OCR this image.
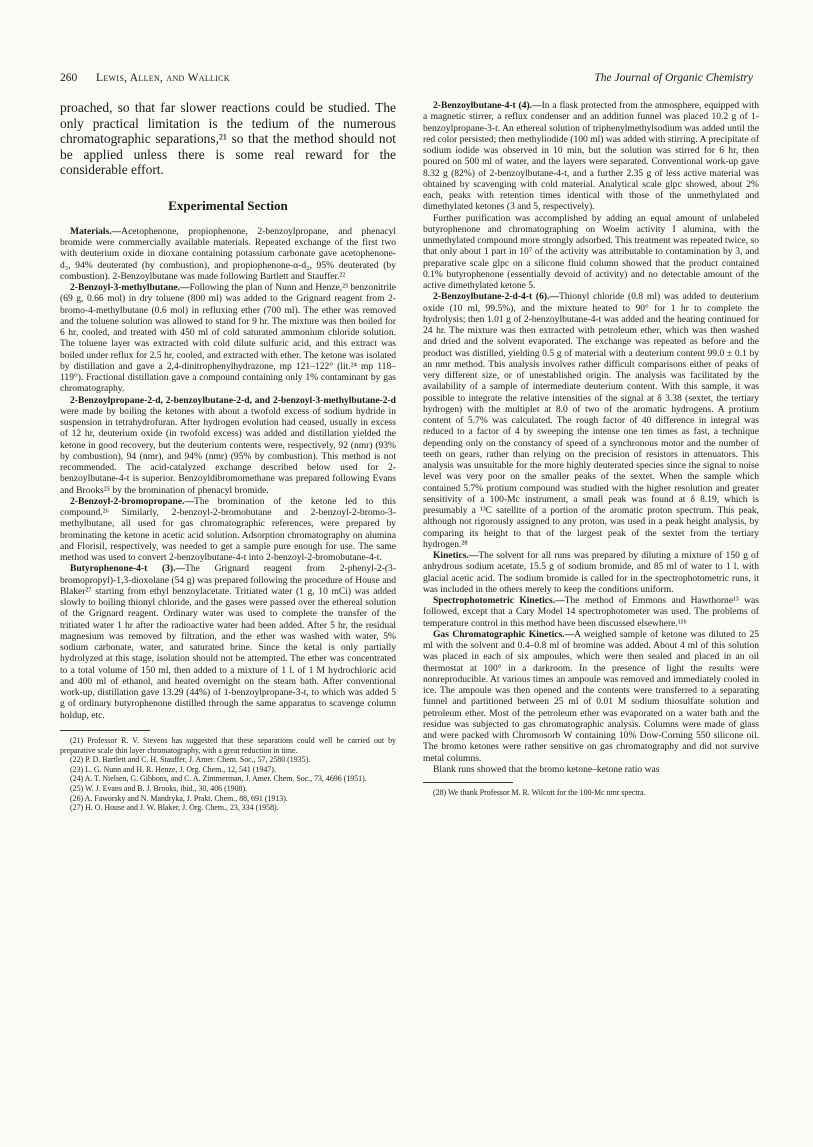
260 Lewis, Allen, and Wallick	The Journal of Organic Chemistry

proached, so that far slower reactions could be studied. The only practical limitation is the tedium of the numerous chromatographic separations,²¹ so that the method should not be applied unless there is some real reward for the considerable effort.

Experimental Section

Materials.—Acetophenone, propiophenone, 2-benzoylpropane, and phenacyl bromide were commercially available materials. Repeated exchange of the first two with deuterium oxide in dioxane containing potassium carbonate gave acetophenone-d₃, 94% deuterated (by combustion), and propiophenone-α-d₂, 95% deuterated (by combustion). 2-Benzoylbutane was made following Bartlett and Stauffer.²²

2-Benzoyl-3-methylbutane.—Following the plan of Nunn and Henze,²³ benzonitrile (69 g, 0.66 mol) in dry toluene (800 ml) was added to the Grignard reagent from 2-bromo-4-methylbutane (0.6 mol) in refluxing ether (700 ml). The ether was removed and the toluene solution was allowed to stand for 9 hr. The mixture was then boiled for 6 hr, cooled, and treated with 450 ml of cold saturated ammonium chloride solution. The toluene layer was extracted with cold dilute sulfuric acid, and this extract was boiled under reflux for 2.5 hr, cooled, and extracted with ether. The ketone was isolated by distillation and gave a 2,4-dinitrophenylhydrazone, mp 121–122° (lit.²⁴ mp 118–119°). Fractional distillation gave a compound containing only 1% contaminant by gas chromatography.

2-Benzoylpropane-2-d, 2-benzoylbutane-2-d, and 2-benzoyl-3-methylbutane-2-d were made by boiling the ketones with about a twofold excess of sodium hydride in suspension in tetrahydrofuran. After hydrogen evolution had ceased, usually in excess of 12 hr, deuterium oxide (in twofold excess) was added and distillation yielded the ketone in good recovery, but the deuterium contents were, respectively, 92 (nmr) (93% by combustion), 94 (nmr), and 94% (nmr) (95% by combustion). This method is not recommended. The acid-catalyzed exchange described below used for 2-benzoylbutane-4-t is superior. Benzoyldibromomethane was prepared following Evans and Brooks²⁵ by the bromination of phenacyl bromide.

2-Benzoyl-2-bromopropane.—The bromination of the ketone led to this compound.²⁶ Similarly, 2-benzoyl-2-bromobutane and 2-benzoyl-2-bromo-3-methylbutane, all used for gas chromatographic references, were prepared by brominating the ketone in acetic acid solution. Adsorption chromatography on alumina and Florisil, respectively, was needed to get a sample pure enough for use. The same method was used to convert 2-benzoylbutane-4-t into 2-benzoyl-2-bromobutane-4-t.

Butyrophenone-4-t (3).—The Grignard reagent from 2-phenyl-2-(3-bromopropyl)-1,3-dioxolane (54 g) was prepared following the procedure of House and Blaker²⁷ starting from ethyl benzoylacetate. Tritiated water (1 g, 10 mCi) was added slowly to boiling thionyl chloride, and the gases were passed over the ethereal solution of the Grignard reagent. Ordinary water was used to complete the transfer of the tritiated water 1 hr after the radioactive water had been added. After 5 hr, the residual magnesium was removed by filtration, and the ether was washed with water, 5% sodium carbonate, water, and saturated brine. Since the ketal is only partially hydrolyzed at this stage, isolation should not be attempted. The ether was concentrated to a total volume of 150 ml, then added to a mixture of 1 l. of 1 M hydrochloric acid and 400 ml of ethanol, and heated overnight on the steam bath. After conventional work-up, distillation gave 13.29 (44%) of 1-benzoylpropane-3-t, to which was added 5 g of ordinary butyrophenone distilled through the same apparatus to scavenge column holdup, etc.

(21) Professor R. V. Stevens has suggested that these separations could well be carried out by preparative scale thin layer chromatography, with a great reduction in time.

(22) P. D. Bartlett and C. H. Stauffer, J. Amer. Chem. Soc., 57, 2580 (1935).

(23) L. G. Nunn and H. R. Henze, J. Org. Chem., 12, 541 (1947).

(24) A. T. Nielsen, G. Gibbons, and C. A. Zimmerman, J. Amer. Chem. Soc., 73, 4696 (1951).

(25) W. J. Evans and B. J. Brooks, ibid., 30, 406 (1908).

(26) A. Faworsky and N. Mandryka, J. Prakt. Chem., 88, 691 (1913).

(27) H. O. House and J. W. Blaker, J. Org. Chem., 23, 334 (1958).

2-Benzoylbutane-4-t (4).—In a flask protected from the atmosphere, equipped with a magnetic stirrer, a reflux condenser and an addition funnel was placed 10.2 g of 1-benzoylpropane-3-t. An ethereal solution of triphenylmethylsodium was added until the red color persisted; then methyliodide (100 ml) was added with stirring. A precipitate of sodium iodide was observed in 10 min, but the solution was stirred for 6 hr, then poured on 500 ml of water, and the layers were separated. Conventional work-up gave 8.32 g (82%) of 2-benzoylbutane-4-t, and a further 2.35 g of less active material was obtained by scavenging with cold material. Analytical scale glpc showed, about 2% each, peaks with retention times identical with those of the unmethylated and dimethylated ketones (3 and 5, respectively).

Further purification was accomplished by adding an equal amount of unlabeled butyrophenone and chromatographing on Woelm activity I alumina, with the unmethylated compound more strongly adsorbed. This treatment was repeated twice, so that only about 1 part in 10⁷ of the activity was attributable to contamination by 3, and preparative scale glpc on a silicone fluid column showed that the product contained 0.1% butyrophenone (essentially devoid of activity) and no detectable amount of the active dimethylated ketone 5.

2-Benzoylbutane-2-d-4-t (6).—Thionyl chloride (0.8 ml) was added to deuterium oxide (10 ml, 99.5%), and the mixture heated to 90° for 1 hr to complete the hydrolysis; then 1.01 g of 2-benzoylbutane-4-t was added and the heating continued for 24 hr. The mixture was then extracted with petroleum ether, which was then washed and dried and the solvent evaporated. The exchange was repeated as before and the product was distilled, yielding 0.5 g of material with a deuterium content 99.0 ± 0.1 by an nmr method. This analysis involves rather difficult comparisons either of peaks of very different size, or of unestablished origin. The analysis was facilitated by the availability of a sample of intermediate deuterium content. With this sample, it was possible to integrate the relative intensities of the signal at δ 3.38 (sextet, the tertiary hydrogen) with the multiplet at 8.0 of two of the aromatic hydrogens. A protium content of 5.7% was calculated. The rough factor of 40 difference in integral was reduced to a factor of 4 by sweeping the intense one ten times as fast, a technique depending only on the constancy of speed of a synchronous motor and the number of teeth on gears, rather than relying on the precision of resistors in attenuators. This analysis was unsuitable for the more highly deuterated species since the signal to noise level was very poor on the smaller peaks of the sextet. When the sample which contained 5.7% protium compound was studied with the higher resolution and greater sensitivity of a 100-Mc instrument, a small peak was found at δ 8.19, which is presumably a ¹³C satellite of a portion of the aromatic proton spectrum. This peak, although not rigorously assigned to any proton, was used in a peak height analysis, by comparing its height to that of the largest peak of the sextet from the tertiary hydrogen.²⁸

Kinetics.—The solvent for all runs was prepared by diluting a mixture of 150 g of anhydrous sodium acetate, 15.5 g of sodium bromide, and 85 ml of water to 1 l. with glacial acetic acid. The sodium bromide is called for in the spectrophotometric runs, it was included in the others merely to keep the conditions uniform.

Spectrophotometric Kinetics.—The method of Emmons and Hawthorne¹³ was followed, except that a Cary Model 14 spectrophotometer was used. The problems of temperature control in this method have been discussed elsewhere.¹¹ᵇ

Gas Chromatographic Kinetics.—A weighed sample of ketone was diluted to 25 ml with the solvent and 0.4–0.8 ml of bromine was added. About 4 ml of this solution was placed in each of six ampoules, which were then sealed and placed in an oil thermostat at 100° in a darkroom. In the presence of light the results were nonreproducible. At various times an ampoule was removed and immediately cooled in ice. The ampoule was then opened and the contents were transferred to a separating funnel and partitioned between 25 ml of 0.01 M sodium thiosulfate solution and petroleum ether. Most of the petroleum ether was evaporated on a water bath and the residue was subjected to gas chromatographic analysis. Columns were made of glass and were packed with Chromosorb W containing 10% Dow-Corning 550 silicone oil. The bromo ketones were rather sensitive on gas chromatography and did not survive metal columns.

Blank runs showed that the bromo ketone–ketone ratio was

(28) We thank Professor M. R. Wilcott for the 100-Mc nmr spectra.
